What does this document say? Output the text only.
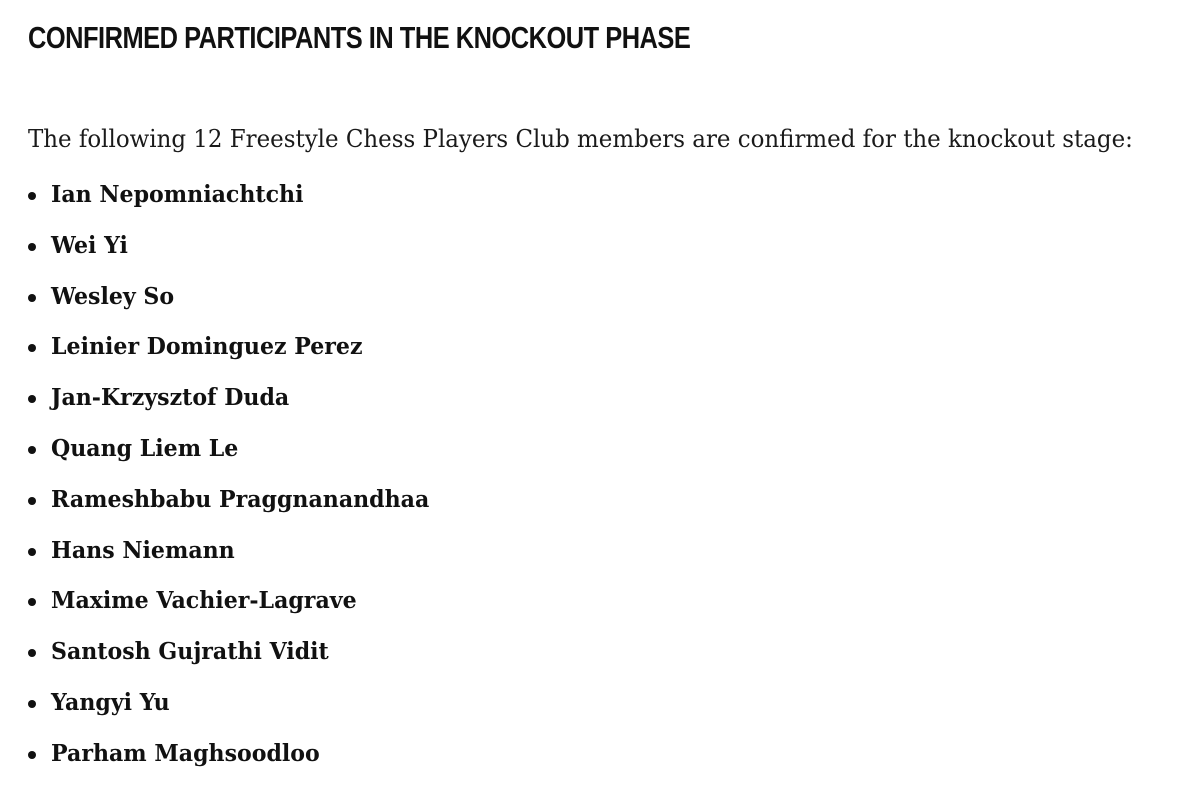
CONFIRMED PARTICIPANTS IN THE KNOCKOUT PHASE

The following 12 Freestyle Chess Players Club members are confirmed for the knockout stage:

Ian Nepomniachtchi
Wei Yi
Wesley So
Leinier Dominguez Perez
Jan-Krzysztof Duda
Quang Liem Le
Rameshbabu Praggnanandhaa
Hans Niemann
Maxime Vachier-Lagrave
Santosh Gujrathi Vidit
Yangyi Yu
Parham Maghsoodloo
